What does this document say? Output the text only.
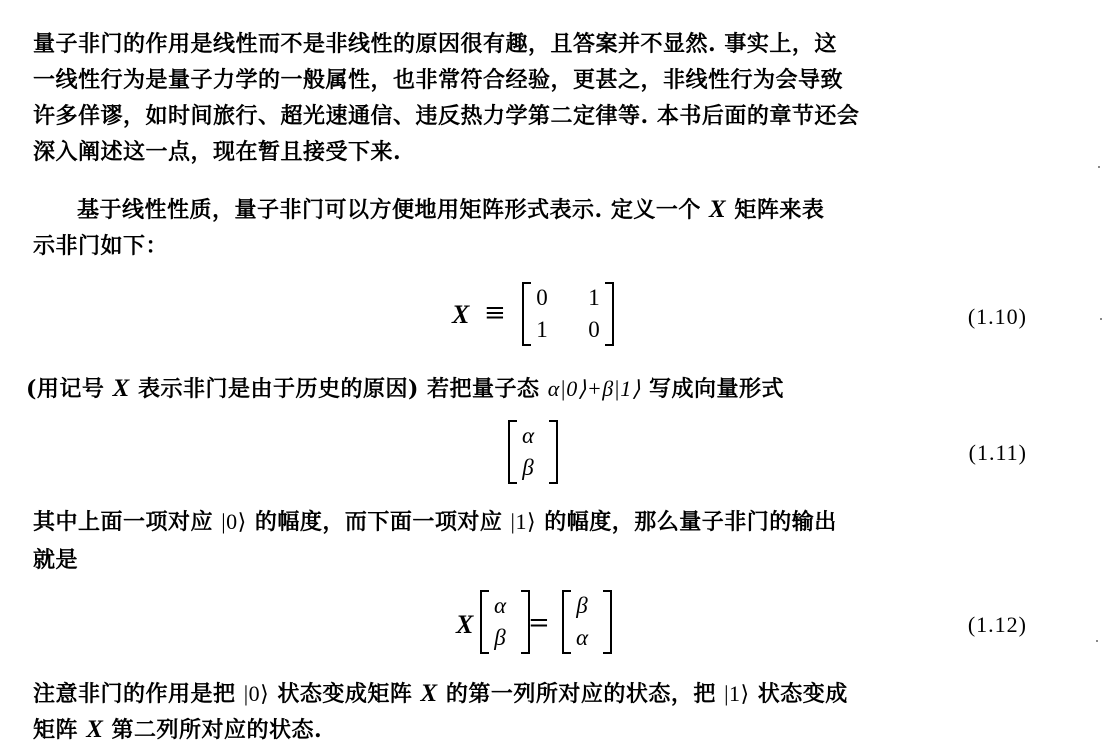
量子非门的作用是线性而不是非线性的原因很有趣，且答案并不显然. 事实上，这
一线性行为是量子力学的一般属性，也非常符合经验，更甚之，非线性行为会导致
许多佯谬，如时间旅行、超光速通信、违反热力学第二定律等. 本书后面的章节还会
深入阐述这一点，现在暂且接受下来.
基于线性性质，量子非门可以方便地用矩阵形式表示. 定义一个 X 矩阵来表
示非门如下：
X ≡
0 1
1 0
(1.10)
(用记号 X 表示非门是由于历史的原因) 若把量子态 α|0⟩+β|1⟩ 写成向量形式
α
β
(1.11)
其中上面一项对应 |0⟩ 的幅度，而下面一项对应 |1⟩ 的幅度，那么量子非门的输出
就是
X
α
β =
β
α
(1.12)
注意非门的作用是把 |0⟩ 状态变成矩阵 X 的第一列所对应的状态，把 |1⟩ 状态变成
矩阵 X 第二列所对应的状态.
